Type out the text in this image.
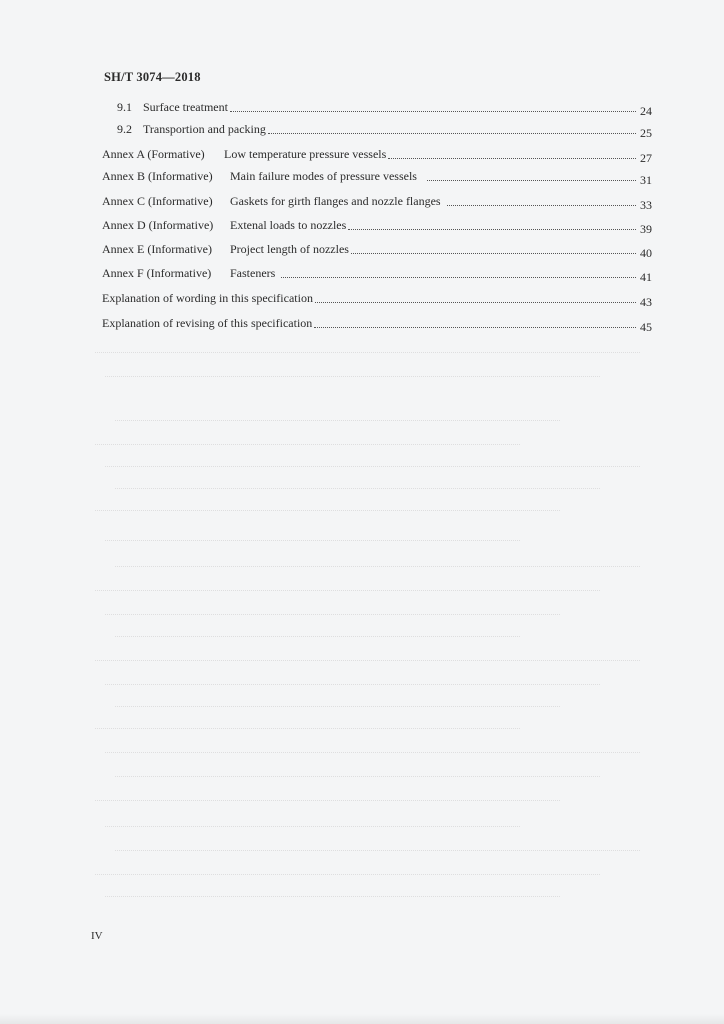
SH/T 3074—2018
9.1 Surface treatment	24
9.2 Transportion and packing	25
Annex A (Formative)	Low temperature pressure vessels	27
Annex B (Informative)	Main failure modes of pressure vessels	31
Annex C (Informative)	Gaskets for girth flanges and nozzle flanges	33
Annex D (Informative)	Extenal loads to nozzles	39
Annex E (Informative)	Project length of nozzles	40
Annex F (Informative)	Fasteners	41
Explanation of wording in this specification	43
Explanation of revising of this specification	45
IV
